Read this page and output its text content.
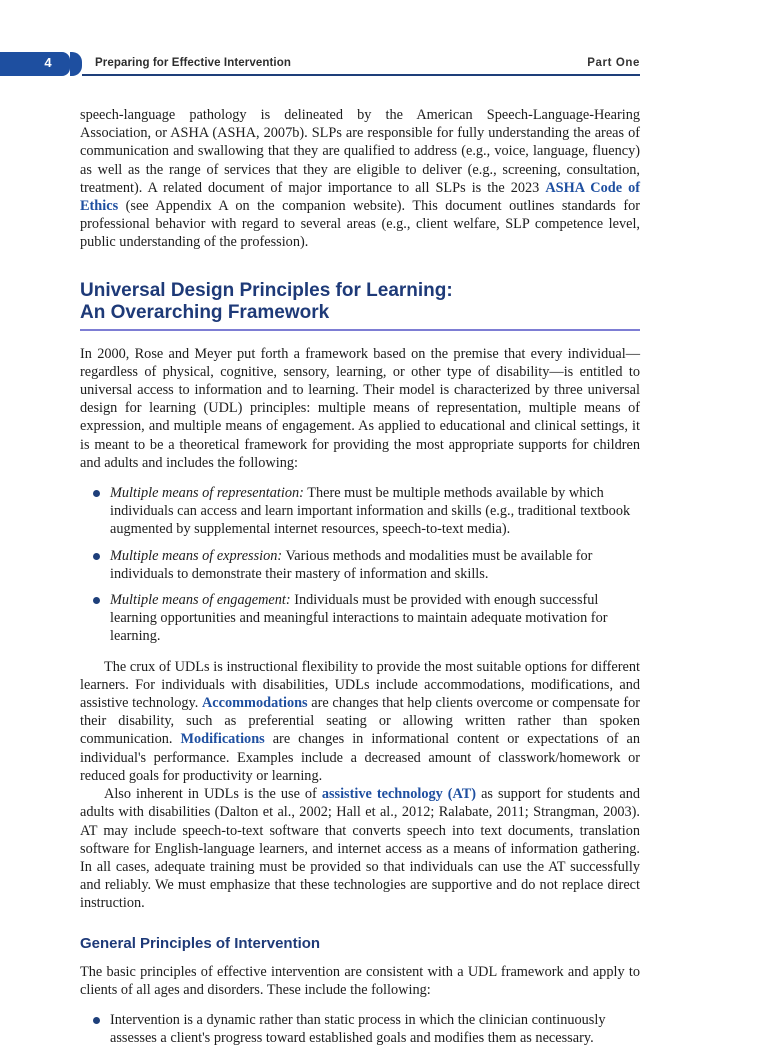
4	Preparing for Effective Intervention	Part One

speech-language pathology is delineated by the American Speech-Language-Hearing Association, or ASHA (ASHA, 2007b). SLPs are responsible for fully understanding the areas of communication and swallowing that they are qualified to address (e.g., voice, language, fluency) as well as the range of services that they are eligible to deliver (e.g., screening, consultation, treatment). A related document of major importance to all SLPs is the 2023 ASHA Code of Ethics (see Appendix A on the companion website). This document outlines standards for professional behavior with regard to several areas (e.g., client welfare, SLP competence level, public understanding of the profession).

Universal Design Principles for Learning:
An Overarching Framework

In 2000, Rose and Meyer put forth a framework based on the premise that every individual—regardless of physical, cognitive, sensory, learning, or other type of disability—is entitled to universal access to information and to learning. Their model is characterized by three universal design for learning (UDL) principles: multiple means of representation, multiple means of expression, and multiple means of engagement. As applied to educational and clinical settings, it is meant to be a theoretical framework for providing the most appropriate supports for children and adults and includes the following:

Multiple means of representation: There must be multiple methods available by which individuals can access and learn important information and skills (e.g., traditional textbook augmented by supplemental internet resources, speech-to-text media).
Multiple means of expression: Various methods and modalities must be available for individuals to demonstrate their mastery of information and skills.
Multiple means of engagement: Individuals must be provided with enough successful learning opportunities and meaningful interactions to maintain adequate motivation for learning.

The crux of UDLs is instructional flexibility to provide the most suitable options for different learners. For individuals with disabilities, UDLs include accommodations, modifications, and assistive technology. Accommodations are changes that help clients overcome or compensate for their disability, such as preferential seating or allowing written rather than spoken communication. Modifications are changes in informational content or expectations of an individual's performance. Examples include a decreased amount of classwork/homework or reduced goals for productivity or learning.

Also inherent in UDLs is the use of assistive technology (AT) as support for students and adults with disabilities (Dalton et al., 2002; Hall et al., 2012; Ralabate, 2011; Strangman, 2003). AT may include speech-to-text software that converts speech into text documents, translation software for English-language learners, and internet access as a means of information gathering. In all cases, adequate training must be provided so that individuals can use the AT successfully and reliably. We must emphasize that these technologies are supportive and do not replace direct instruction.

General Principles of Intervention

The basic principles of effective intervention are consistent with a UDL framework and apply to clients of all ages and disorders. These include the following:

Intervention is a dynamic rather than static process in which the clinician continuously assesses a client's progress toward established goals and modifies them as necessary.
